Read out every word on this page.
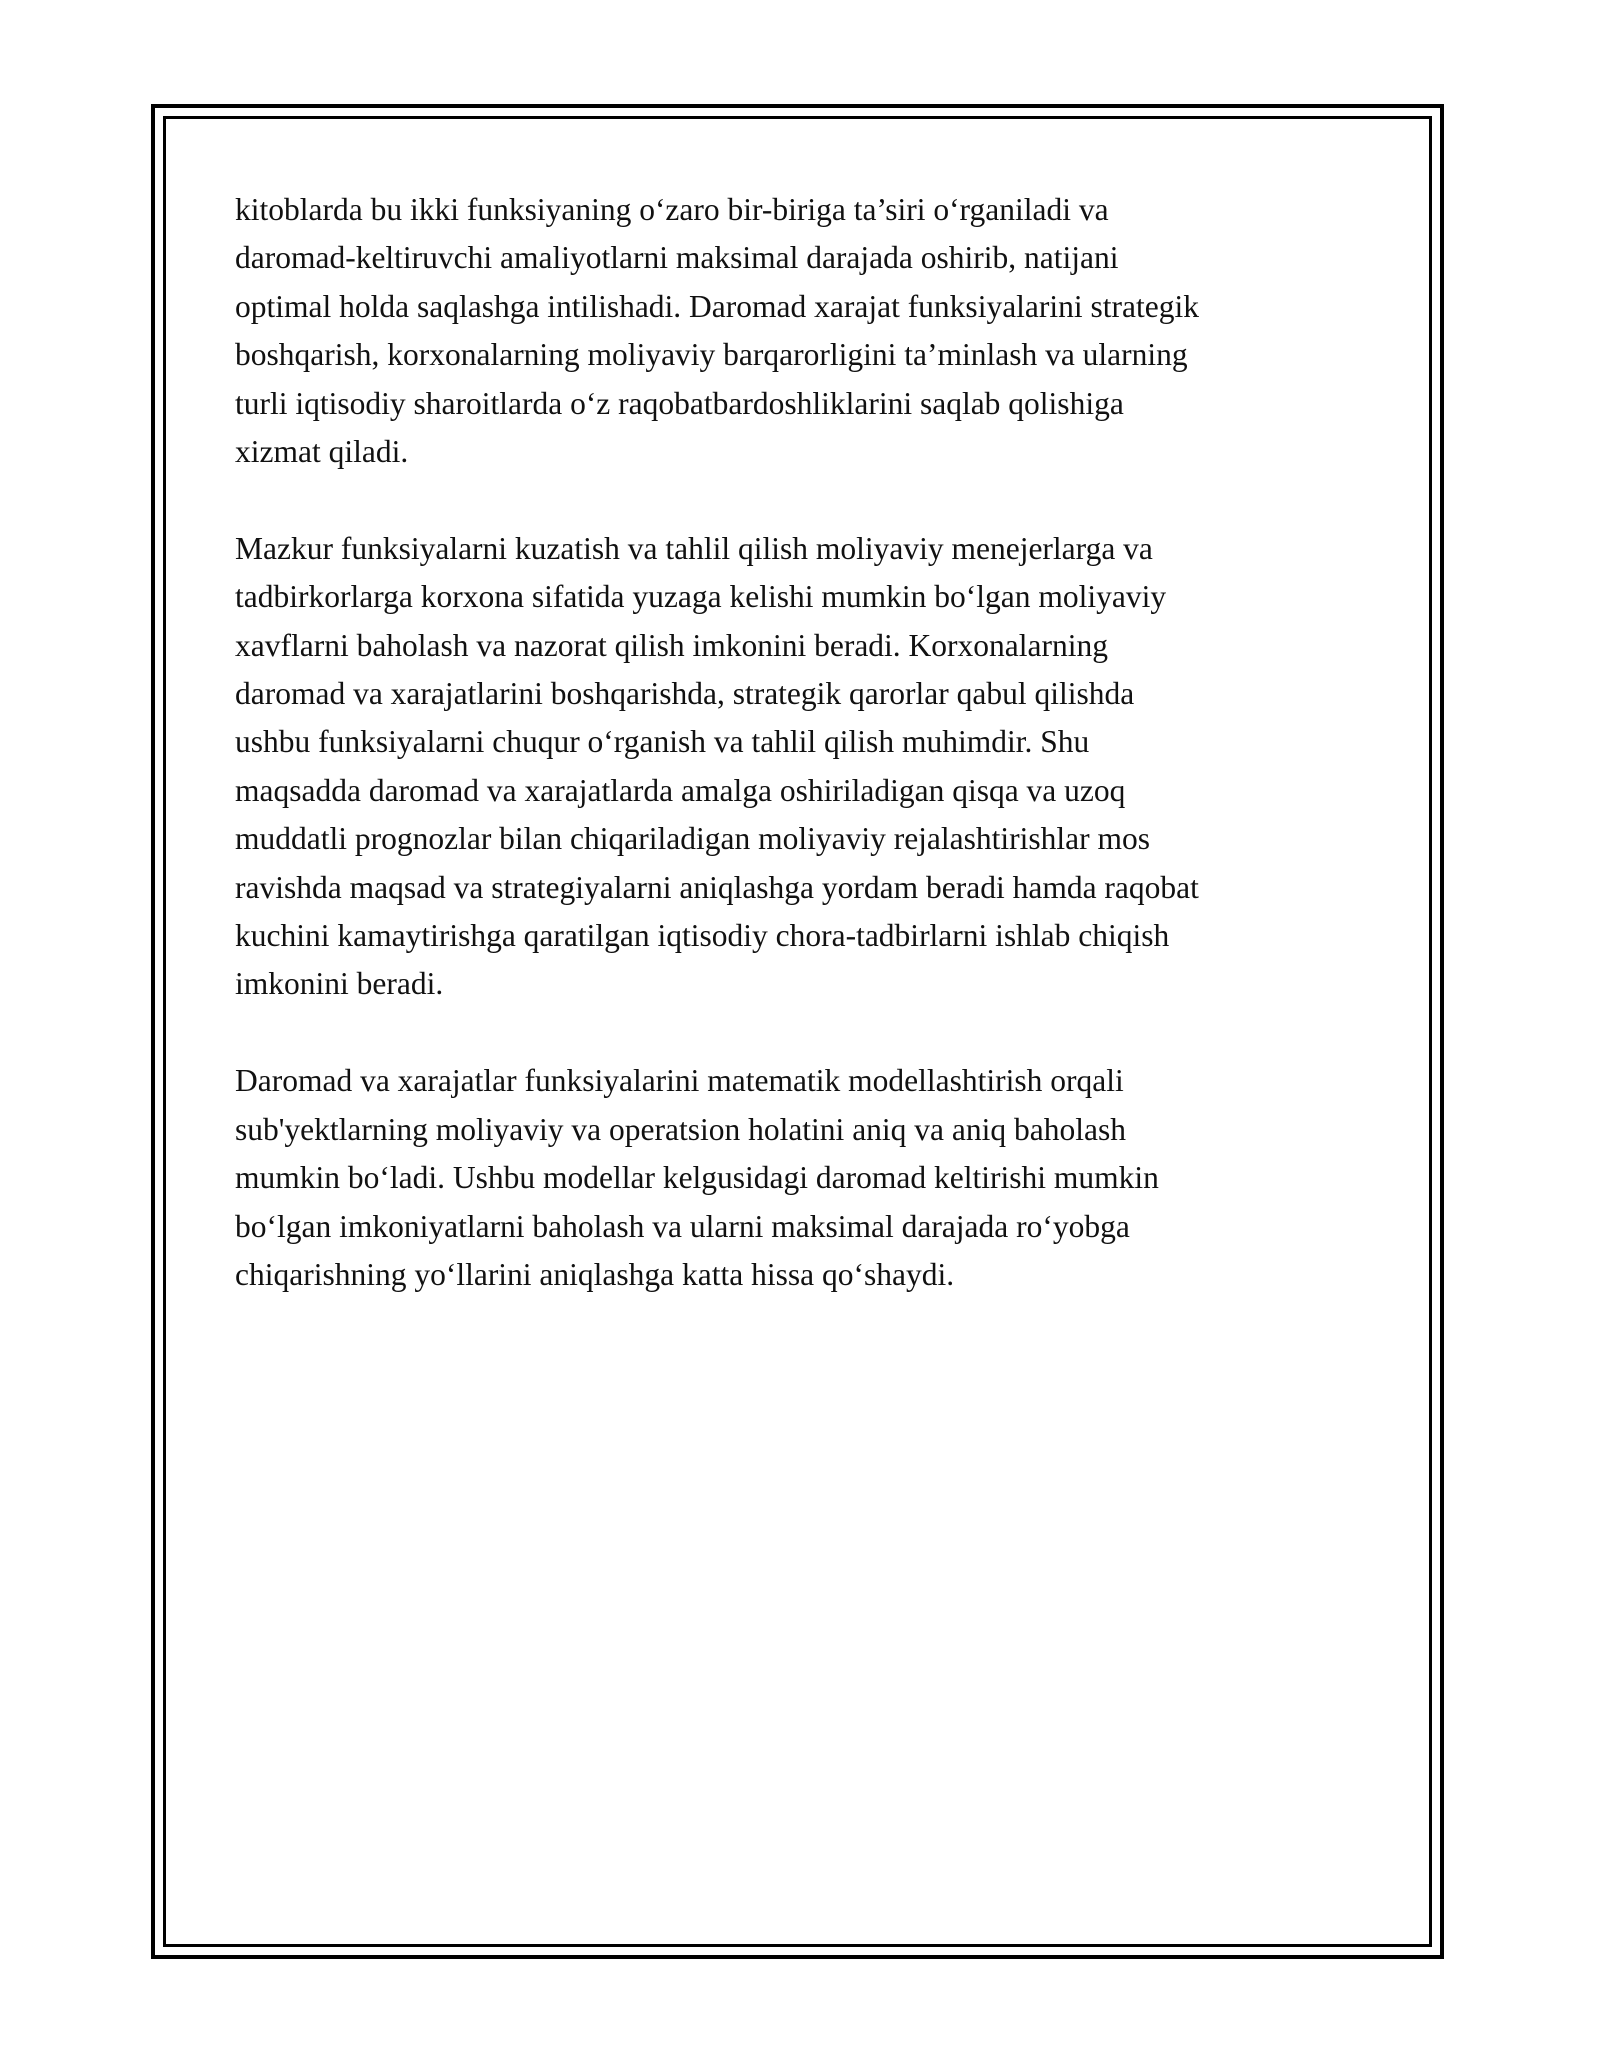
kitoblarda bu ikki funksiyaning o‘zaro bir-biriga ta’siri o‘rganiladi va
daromad-keltiruvchi amaliyotlarni maksimal darajada oshirib, natijani
optimal holda saqlashga intilishadi. Daromad xarajat funksiyalarini strategik
boshqarish, korxonalarning moliyaviy barqarorligini ta’minlash va ularning
turli iqtisodiy sharoitlarda o‘z raqobatbardoshliklarini saqlab qolishiga
xizmat qiladi.
Mazkur funksiyalarni kuzatish va tahlil qilish moliyaviy menejerlarga va
tadbirkorlarga korxona sifatida yuzaga kelishi mumkin bo‘lgan moliyaviy
xavflarni baholash va nazorat qilish imkonini beradi. Korxonalarning
daromad va xarajatlarini boshqarishda, strategik qarorlar qabul qilishda
ushbu funksiyalarni chuqur o‘rganish va tahlil qilish muhimdir. Shu
maqsadda daromad va xarajatlarda amalga oshiriladigan qisqa va uzoq
muddatli prognozlar bilan chiqariladigan moliyaviy rejalashtirishlar mos
ravishda maqsad va strategiyalarni aniqlashga yordam beradi hamda raqobat
kuchini kamaytirishga qaratilgan iqtisodiy chora-tadbirlarni ishlab chiqish
imkonini beradi.
Daromad va xarajatlar funksiyalarini matematik modellashtirish orqali
sub'yektlarning moliyaviy va operatsion holatini aniq va aniq baholash
mumkin bo‘ladi. Ushbu modellar kelgusidagi daromad keltirishi mumkin
bo‘lgan imkoniyatlarni baholash va ularni maksimal darajada ro‘yobga
chiqarishning yo‘llarini aniqlashga katta hissa qo‘shaydi.
